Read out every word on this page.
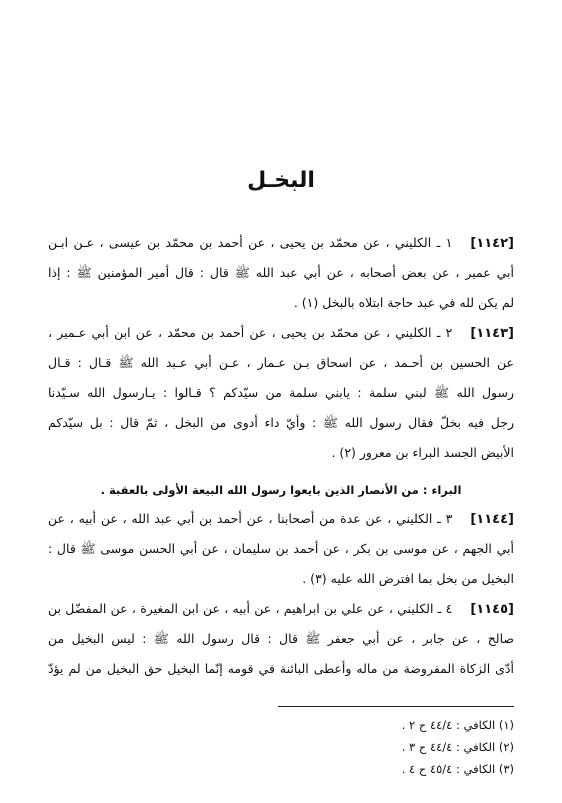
البخـل
[١١٤٢]١ ـ الكليني ، عن محمّد بن يحيى ، عن أحمد بن محمّد بن عيسى ، عـن ابـن
أبي عمير ، عن بعض أصحابه ، عن أبي عبد الله ﷺ قال : قال أمير المؤمنين ﷺ : إذا
لم يكن لله في عبد حاجة ابتلاه بالبخل (١) .
[١١٤٣]٢ ـ الكليني ، عن محمّد بن يحيى ، عن أحمد بن محمّد ، عن ابن أبي عـمير ،
عن الحسين بن أحـمد ، عن اسحاق بـن عـمار ، عـن أبي عـبد الله ﷺ قـال : قـال
رسول الله ﷺ لبني سلمة : يابني سلمة من سيّدكم ؟ قـالوا : يـارسول الله سـيّدنا
رجل فيه بخلّ فقال رسول الله ﷺ : وأيّ داء أدوى من البخل ، ثمّ قال : بل سيّدكم
الأبيض الجسد البراء بن معرور (٢) .
البراء : من الأنصار الذين بايعوا رسول الله البيعة الأولى بالعقبة .
[١١٤٤]٣ ـ الكليني ، عن عدة من أصحابنا ، عن أحمد بن أبي عبد الله ، عن أبيه ، عن
أبي الجهم ، عن موسى بن بكر ، عن أحمد بن سليمان ، عن أبي الحسن موسى ﷺ قال :
البخيل من بخل بما افترض الله عليه (٣) .
[١١٤٥]٤ ـ الكليني ، عن علي بن ابراهيم ، عن أبيه ، عن ابن المغيرة ، عن المفضّل بن
صالح ، عن جابر ، عن أبي جعفر ﷺ قال : قال رسول الله ﷺ : ليس البخيل من
أدّى الزكاة المفروضة من ماله وأعطى البائنة في قومه إنّما البخيل حق البخيل من لم يؤدّ
(١) الكافي : ٤٤/٤ ح ٢ .
(٢) الكافي : ٤٤/٤ ح ٣ .
(٣) الكافي : ٤٥/٤ ح ٤ .
